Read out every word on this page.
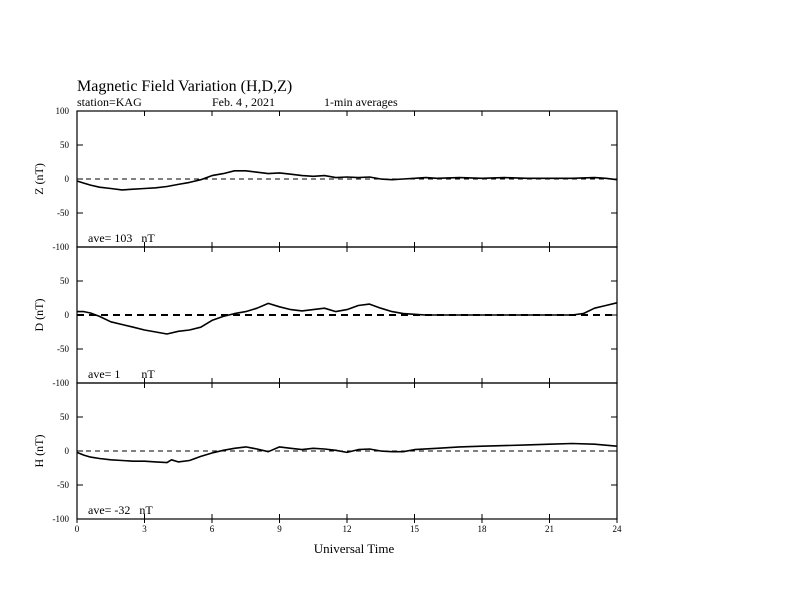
Magnetic Field Variation (H,D,Z)
station=KAG	Feb. 4 , 2021	1-min averages
100
50
0
-50
-100
Z (nT)
ave= 103   nT
50
0
-50
-100
D (nT)
ave= 1       nT
50
0
-50
-100
H (nT)
ave= -32   nT
0	3	6	9	12	15	18	21	24
Universal Time
